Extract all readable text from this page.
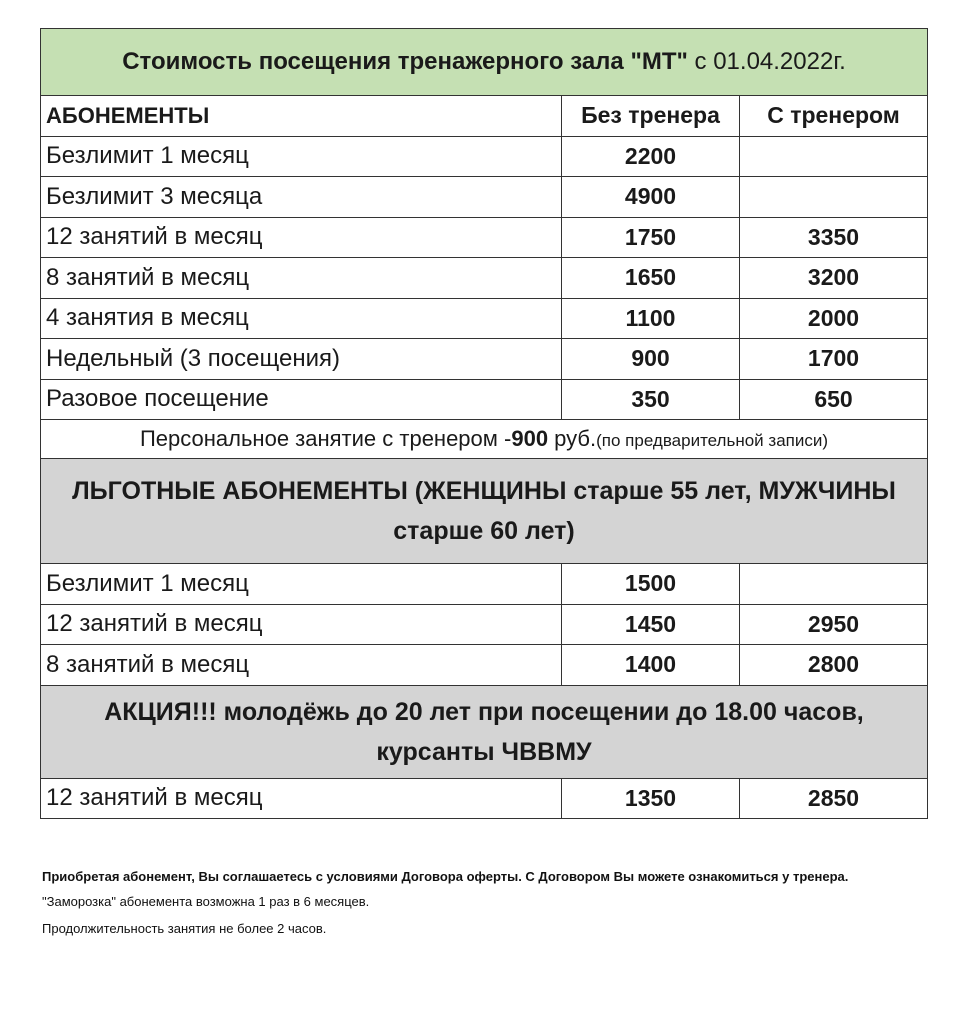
Стоимость посещения тренажерного зала "МТ" с 01.04.2022г.		
АБОНЕМЕНТЫ	Без тренера	С тренером
Безлимит 1 месяц	2200	
Безлимит 3 месяца	4900	
12 занятий в месяц	1750	3350
8 занятий в месяц	1650	3200
4 занятия в месяц	1100	2000
Недельный (3 посещения)	900	1700
Разовое посещение	350	650
Персональное занятие с тренером -900 руб.(по предварительной записи)		
ЛЬГОТНЫЕ АБОНЕМЕНТЫ (ЖЕНЩИНЫ старше 55 лет, МУЖЧИНЫ старше 60 лет)		
Безлимит 1 месяц	1500	
12 занятий в месяц	1450	2950
8 занятий в месяц	1400	2800
АКЦИЯ!!! молодёжь до 20 лет при посещении до 18.00 часов, курсанты ЧВВМУ		
12 занятий в месяц	1350	2850

Приобретая абонемент, Вы соглашаетесь с условиями Договора оферты. С Договором Вы можете ознакомиться у тренера.

"Заморозка" абонемента возможна 1 раз в 6 месяцев.

Продолжительность занятия не более 2 часов.
